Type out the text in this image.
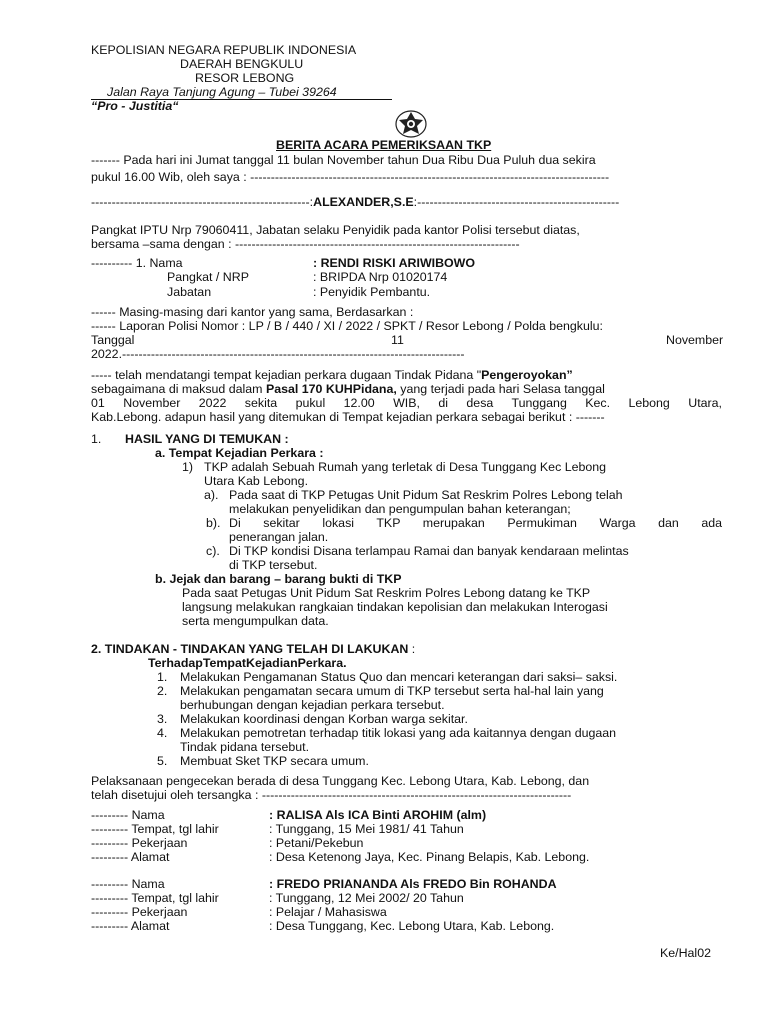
KEPOLISIAN NEGARA REPUBLIK INDONESIA
DAERAH BENGKULU
RESOR LEBONG
Jalan Raya Tanjung Agung – Tubei 39264
“Pro - Justitia“
BERITA ACARA PEMERIKSAAN TKP
------- Pada hari ini Jumat tanggal 11 bulan November tahun Dua Ribu Dua Puluh dua sekira
pukul 16.00 Wib, oleh saya : ---------------------------------------------------------------------------------------
-----------------------------------------------------:ALEXANDER,S.E:-------------------------------------------------
Pangkat IPTU Nrp 79060411, Jabatan selaku Penyidik pada kantor Polisi tersebut diatas,
bersama –sama dengan : ---------------------------------------------------------------------
---------- 1. Nama	: RENDI RISKI ARIWIBOWO
Pangkat / NRP	: BRIPDA Nrp 01020174
Jabatan	: Penyidik Pembantu.
------ Masing-masing dari kantor yang sama, Berdasarkan :
------ Laporan Polisi Nomor : LP / B / 440 / XI / 2022 / SPKT / Resor Lebong / Polda bengkulu:
Tanggal	11	November
2022.-----------------------------------------------------------------------------------
----- telah mendatangi tempat kejadian perkara dugaan Tindak Pidana "Pengeroyokan”
sebagaimana di maksud dalam Pasal 170 KUHPidana, yang terjadi pada hari Selasa tanggal
01 November 2022 sekita pukul 12.00 WIB, di desa Tunggang Kec. Lebong Utara,
Kab.Lebong. adapun hasil yang ditemukan di Tempat kejadian perkara sebagai berikut : -------
1. HASIL YANG DI TEMUKAN :
a. Tempat Kejadian Perkara :
1) TKP adalah Sebuah Rumah yang terletak di Desa Tunggang Kec Lebong
Utara Kab Lebong.
a). Pada saat di TKP Petugas Unit Pidum Sat Reskrim Polres Lebong telah
melakukan penyelidikan dan pengumpulan bahan keterangan;
b). Di sekitar lokasi TKP merupakan Permukiman Warga dan ada
penerangan jalan.
c). Di TKP kondisi Disana terlampau Ramai dan banyak kendaraan melintas
di TKP tersebut.
b. Jejak dan barang – barang bukti di TKP
Pada saat Petugas Unit Pidum Sat Reskrim Polres Lebong datang ke TKP
langsung melakukan rangkaian tindakan kepolisian dan melakukan Interogasi
serta mengumpulkan data.
2. TINDAKAN - TINDAKAN YANG TELAH DI LAKUKAN :
TerhadapTempatKejadianPerkara.
1. Melakukan Pengamanan Status Quo dan mencari keterangan dari saksi– saksi.
2. Melakukan pengamatan secara umum di TKP tersebut serta hal-hal lain yang
berhubungan dengan kejadian perkara tersebut.
3. Melakukan koordinasi dengan Korban warga sekitar.
4. Melakukan pemotretan terhadap titik lokasi yang ada kaitannya dengan dugaan
Tindak pidana tersebut.
5. Membuat Sket TKP secara umum.
Pelaksanaan pengecekan berada di desa Tunggang Kec. Lebong Utara, Kab. Lebong, dan
telah disetujui oleh tersangka : ---------------------------------------------------------------------------
--------- Nama	: RALISA Als ICA Binti AROHIM (alm)
--------- Tempat, tgl lahir	: Tunggang, 15 Mei 1981/ 41 Tahun
--------- Pekerjaan	: Petani/Pekebun
--------- Alamat	: Desa Ketenong Jaya, Kec. Pinang Belapis, Kab. Lebong.
--------- Nama	: FREDO PRIANANDA Als FREDO Bin ROHANDA
--------- Tempat, tgl lahir	: Tunggang, 12 Mei 2002/ 20 Tahun
--------- Pekerjaan	: Pelajar / Mahasiswa
--------- Alamat	: Desa Tunggang, Kec. Lebong Utara, Kab. Lebong.
Ke/Hal02
